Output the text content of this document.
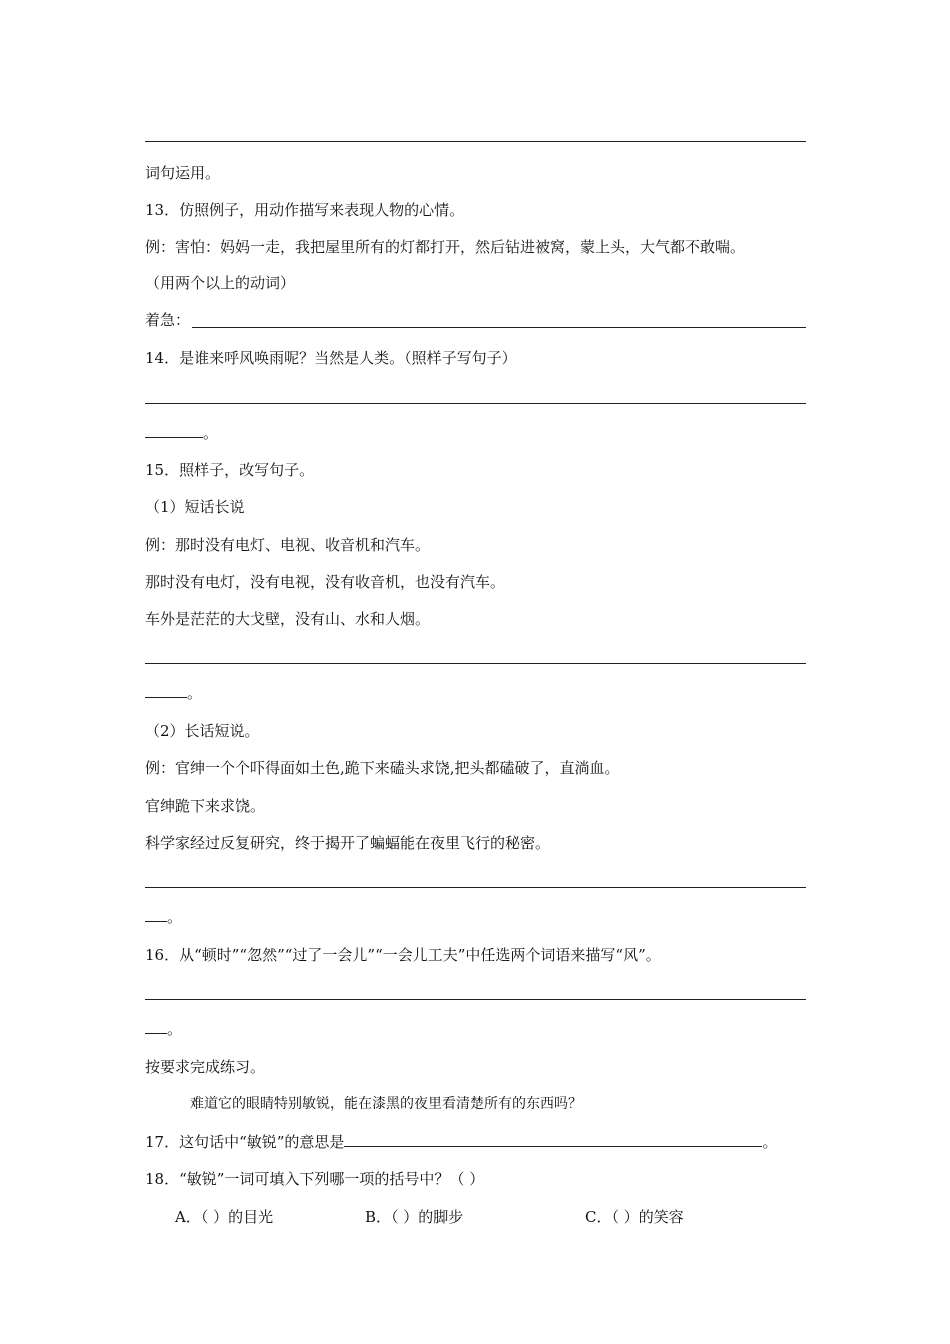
词句运用。
13．仿照例子，用动作描写来表现人物的心情。
例：害怕：妈妈一走，我把屋里所有的灯都打开，然后钻进被窝，蒙上头，大气都不敢喘。
（用两个以上的动词）
着急：
14．是谁来呼风唤雨呢？当然是人类。（照样子写句子）
。
15．照样子，改写句子。
（1）短话长说
例：那时没有电灯、电视、收音机和汽车。
那时没有电灯，没有电视，没有收音机，也没有汽车。
车外是茫茫的大戈壁，没有山、水和人烟。
。
（2）长话短说。
例：官绅一个个吓得面如土色,跪下来磕头求饶,把头都磕破了，直淌血。
官绅跪下来求饶。
科学家经过反复研究，终于揭开了蝙蝠能在夜里飞行的秘密。
。
16．从“顿时”“忽然”“过了一会儿”“一会儿工夫”中任选两个词语来描写“风”。
。
按要求完成练习。
难道它的眼睛特别敏锐，能在漆黑的夜里看清楚所有的东西吗？
17．这句话中“敏锐”的意思是	。
18．“敏锐”一词可填入下列哪一项的括号中？（ ）
A．（ ）的目光	B．（ ）的脚步	C．（ ）的笑容
